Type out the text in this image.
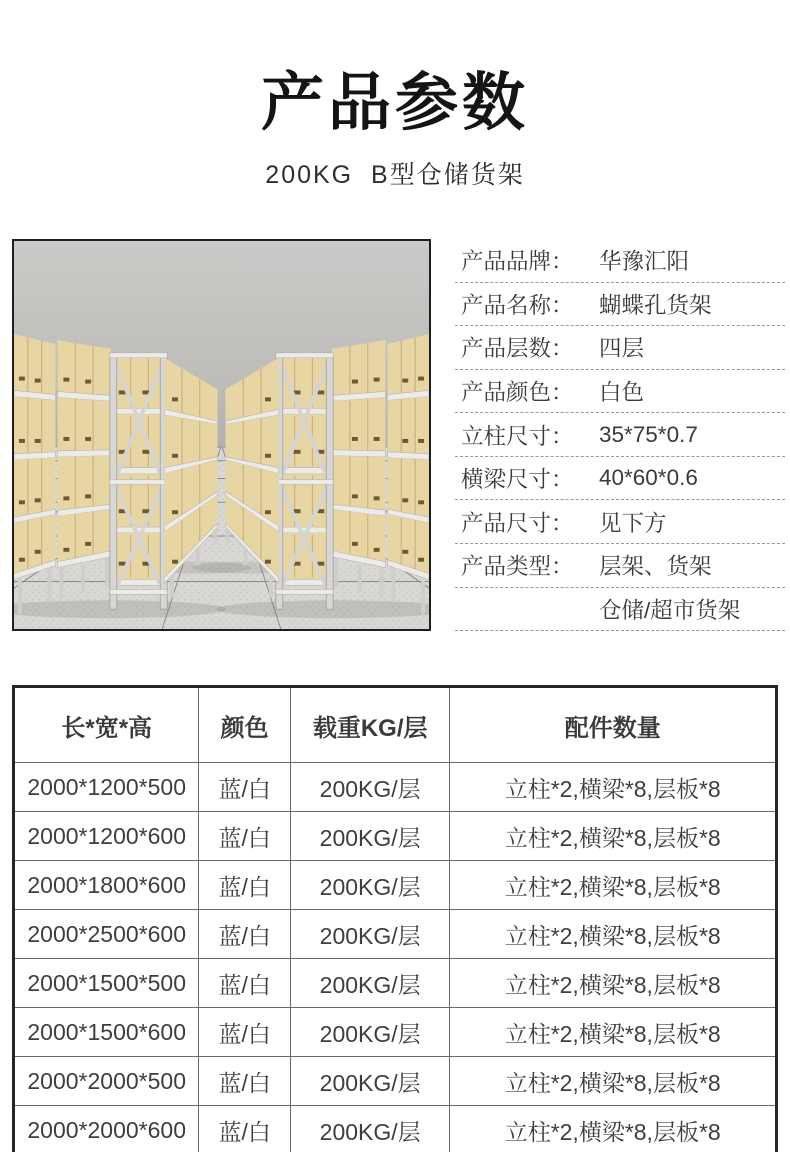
产品参数
200KG  B型仓储货架
产品品牌：	华豫汇阳
产品名称：	蝴蝶孔货架
产品层数：	四层
产品颜色：	白色
立柱尺寸：	35*75*0.7
横梁尺寸：	40*60*0.6
产品尺寸：	见下方
产品类型：	层架、货架
仓储/超市货架
长*宽*高	颜色	载重KG/层	配件数量
2000*1200*500	蓝/白	200KG/层	立柱*2,横梁*8,层板*8
2000*1200*600	蓝/白	200KG/层	立柱*2,横梁*8,层板*8
2000*1800*600	蓝/白	200KG/层	立柱*2,横梁*8,层板*8
2000*2500*600	蓝/白	200KG/层	立柱*2,横梁*8,层板*8
2000*1500*500	蓝/白	200KG/层	立柱*2,横梁*8,层板*8
2000*1500*600	蓝/白	200KG/层	立柱*2,横梁*8,层板*8
2000*2000*500	蓝/白	200KG/层	立柱*2,横梁*8,层板*8
2000*2000*600	蓝/白	200KG/层	立柱*2,横梁*8,层板*8
